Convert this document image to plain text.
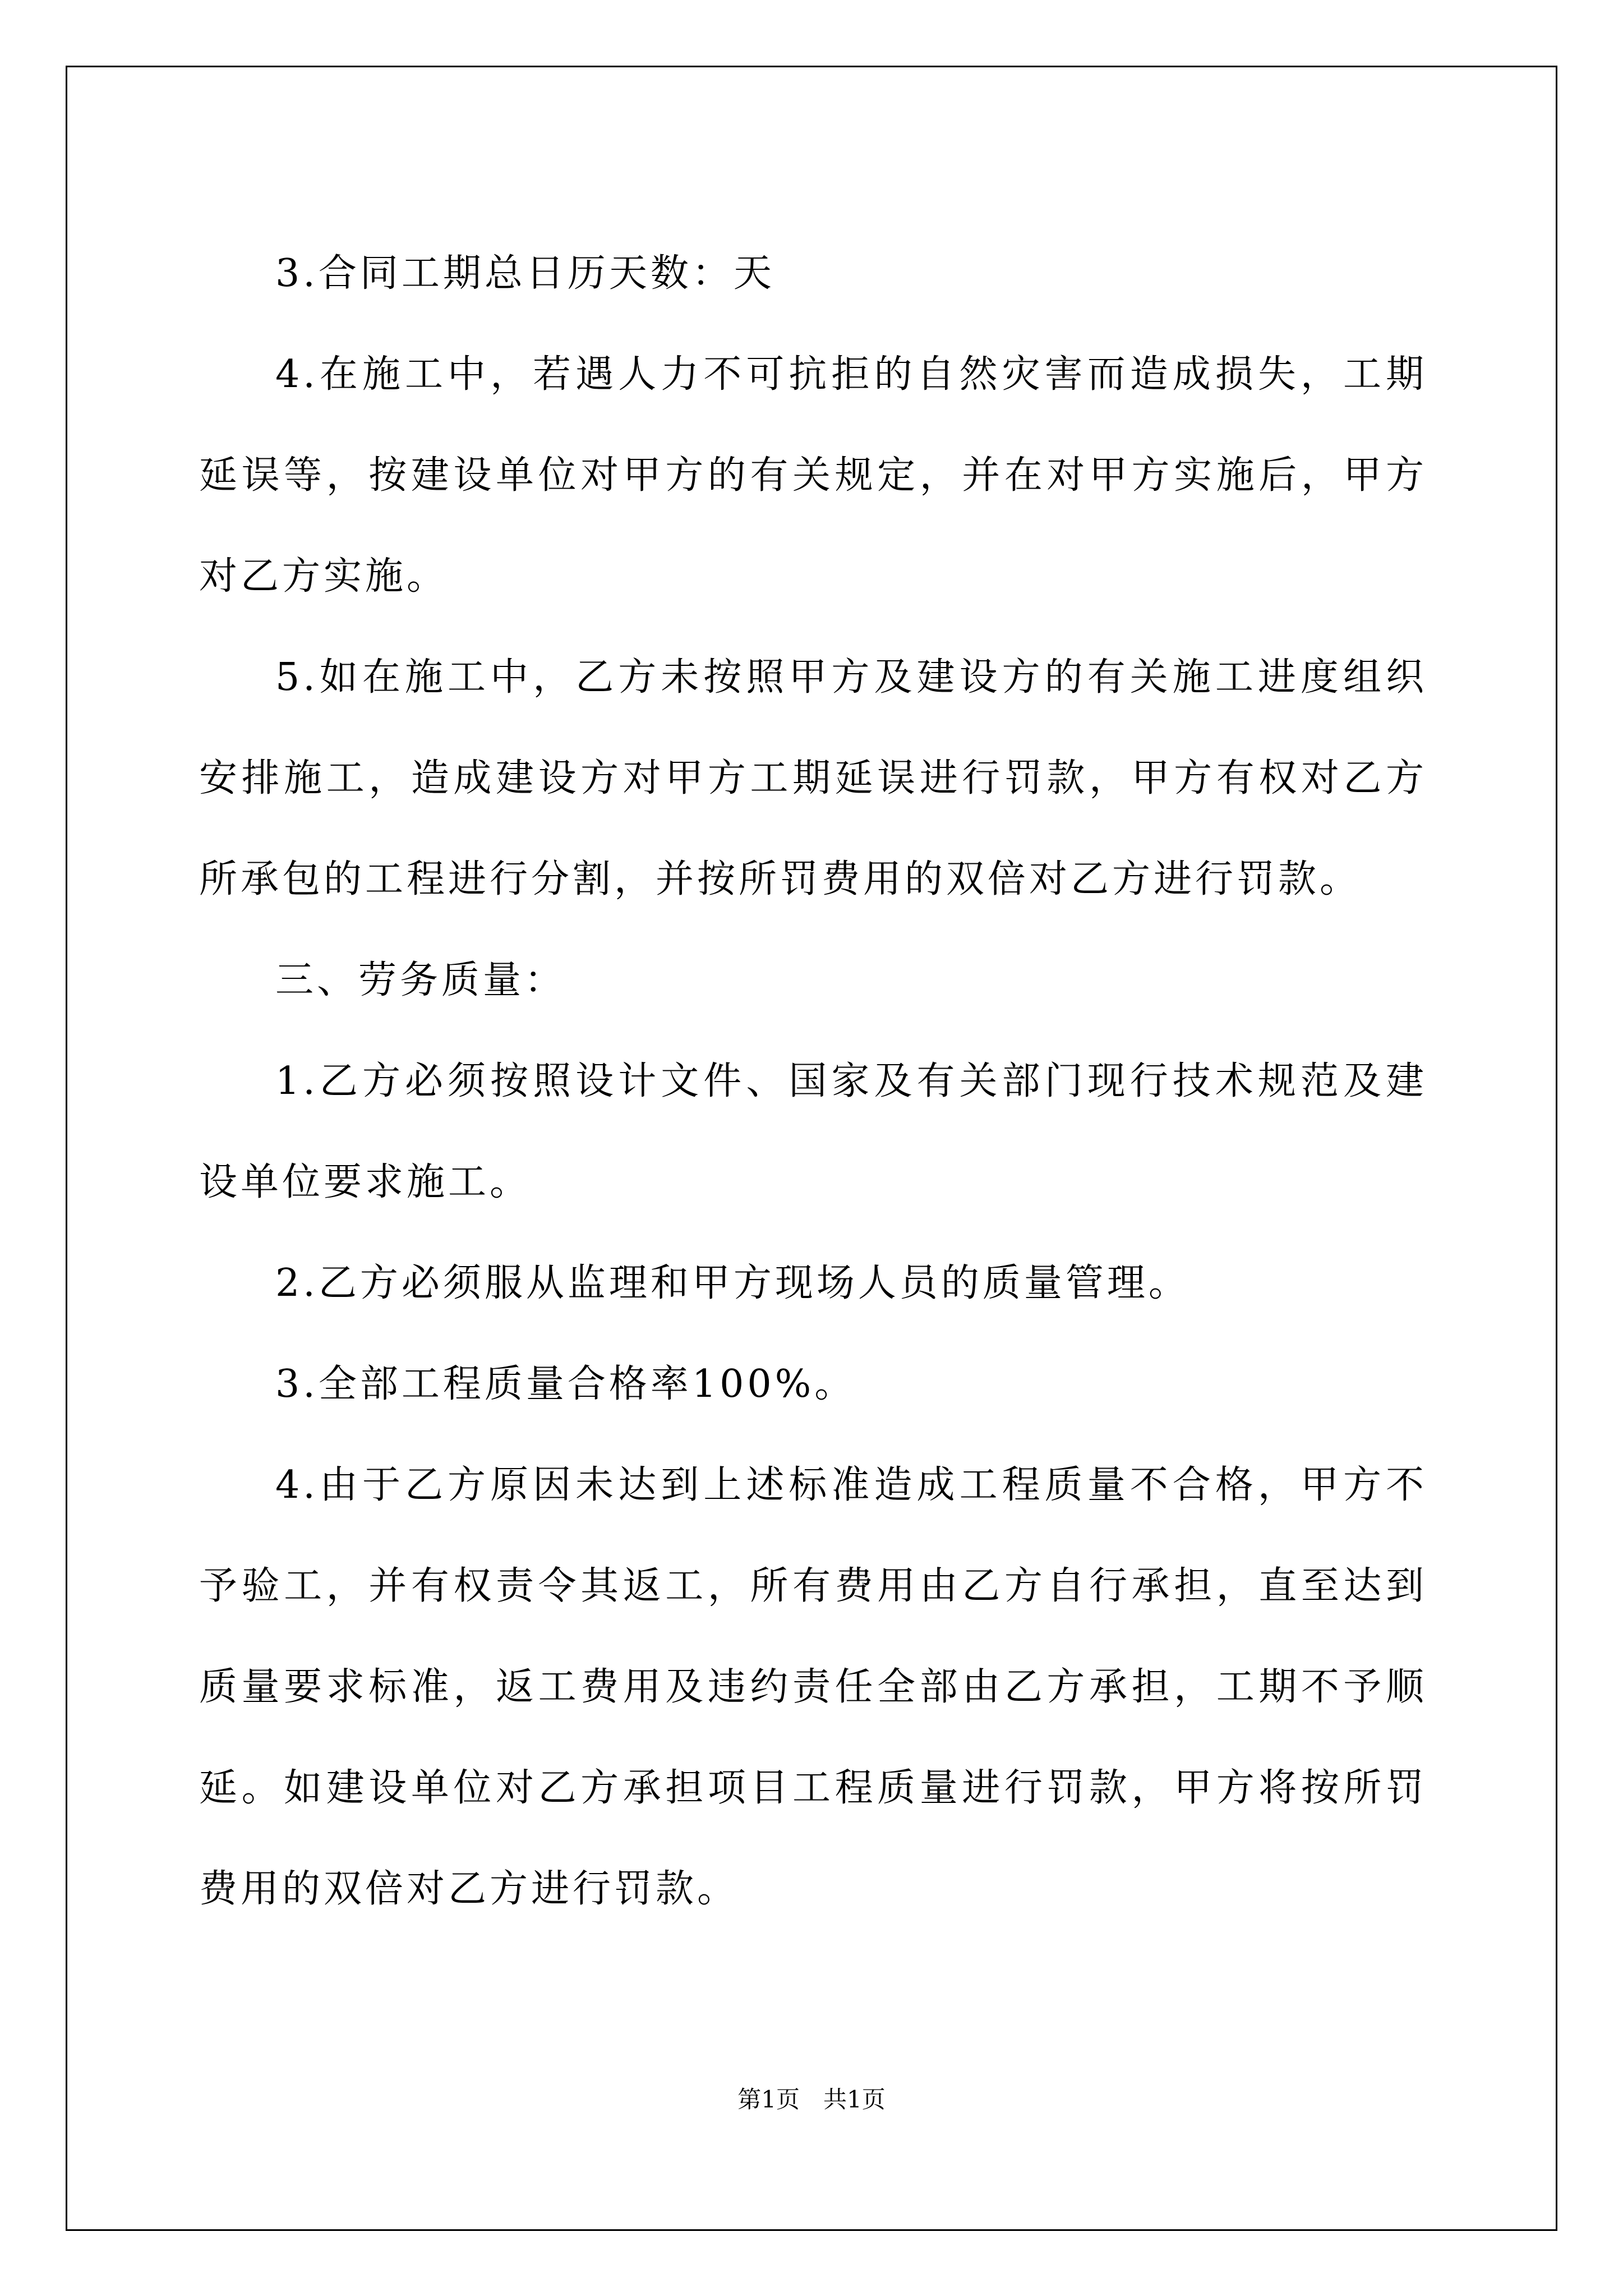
3.合同工期总日历天数：天

4.在施工中，若遇人力不可抗拒的自然灾害而造成损失，工期延误等，按建设单位对甲方的有关规定，并在对甲方实施后，甲方对乙方实施。

5.如在施工中，乙方未按照甲方及建设方的有关施工进度组织安排施工，造成建设方对甲方工期延误进行罚款，甲方有权对乙方所承包的工程进行分割，并按所罚费用的双倍对乙方进行罚款。

三、劳务质量：

1.乙方必须按照设计文件、国家及有关部门现行技术规范及建设单位要求施工。

2.乙方必须服从监理和甲方现场人员的质量管理。

3.全部工程质量合格率100%。

4.由于乙方原因未达到上述标准造成工程质量不合格，甲方不予验工，并有权责令其返工，所有费用由乙方自行承担，直至达到质量要求标准，返工费用及违约责任全部由乙方承担，工期不予顺延。如建设单位对乙方承担项目工程质量进行罚款，甲方将按所罚费用的双倍对乙方进行罚款。

第1页　共1页
